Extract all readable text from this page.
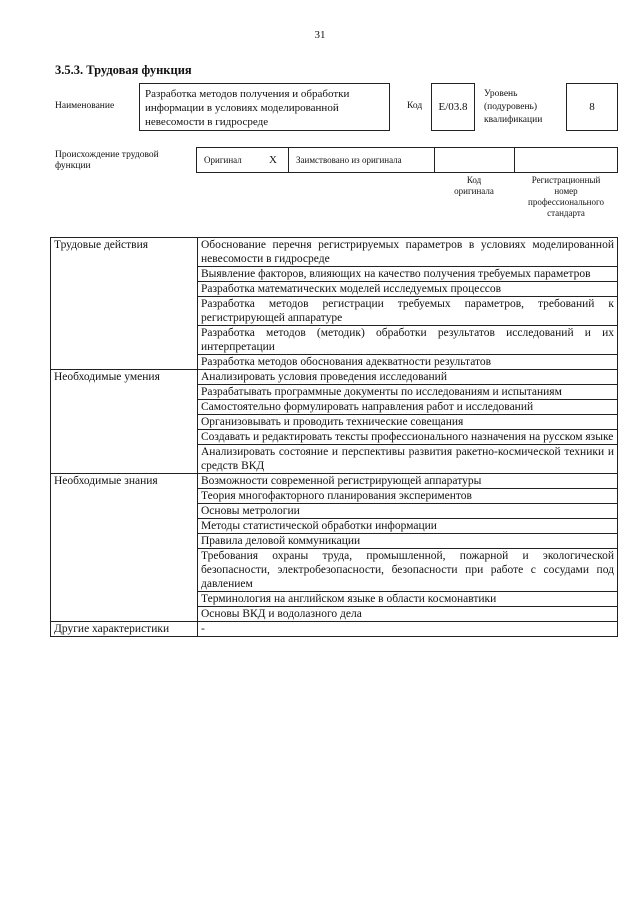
31
3.5.3. Трудовая функция
Наименование
Разработка методов получения и обработки информации в условиях моделированной невесомости в гидросреде
Код	E/03.8
Уровень
(подуровень)
квалификации
8
Происхождение трудовой функции
Оригинал X Заимствовано из оригинала
Код
оригинала
Регистрационный
номер
профессионального
стандарта
Трудовые действия	Обоснование перечня регистрируемых параметров в условиях моделированной невесомости в гидросреде
	Выявление факторов, влияющих на качество получения требуемых параметров
	Разработка математических моделей исследуемых процессов
	Разработка методов регистрации требуемых параметров, требований к регистрирующей аппаратуре
	Разработка методов (методик) обработки результатов исследований и их интерпретации
	Разработка методов обоснования адекватности результатов
Необходимые умения	Анализировать условия проведения исследований
	Разрабатывать программные документы по исследованиям и испытаниям
	Самостоятельно формулировать направления работ и исследований
	Организовывать и проводить технические совещания
	Создавать и редактировать тексты профессионального назначения на русском языке
	Анализировать состояние и перспективы развития ракетно-космической техники и средств ВКД
Необходимые знания	Возможности современной регистрирующей аппаратуры
	Теория многофакторного планирования экспериментов
	Основы метрологии
	Методы статистической обработки информации
	Правила деловой коммуникации
	Требования охраны труда, промышленной, пожарной и экологической безопасности, электробезопасности, безопасности при работе с сосудами под давлением
	Терминология на английском языке в области космонавтики
	Основы ВКД и водолазного дела
Другие характеристики	-
